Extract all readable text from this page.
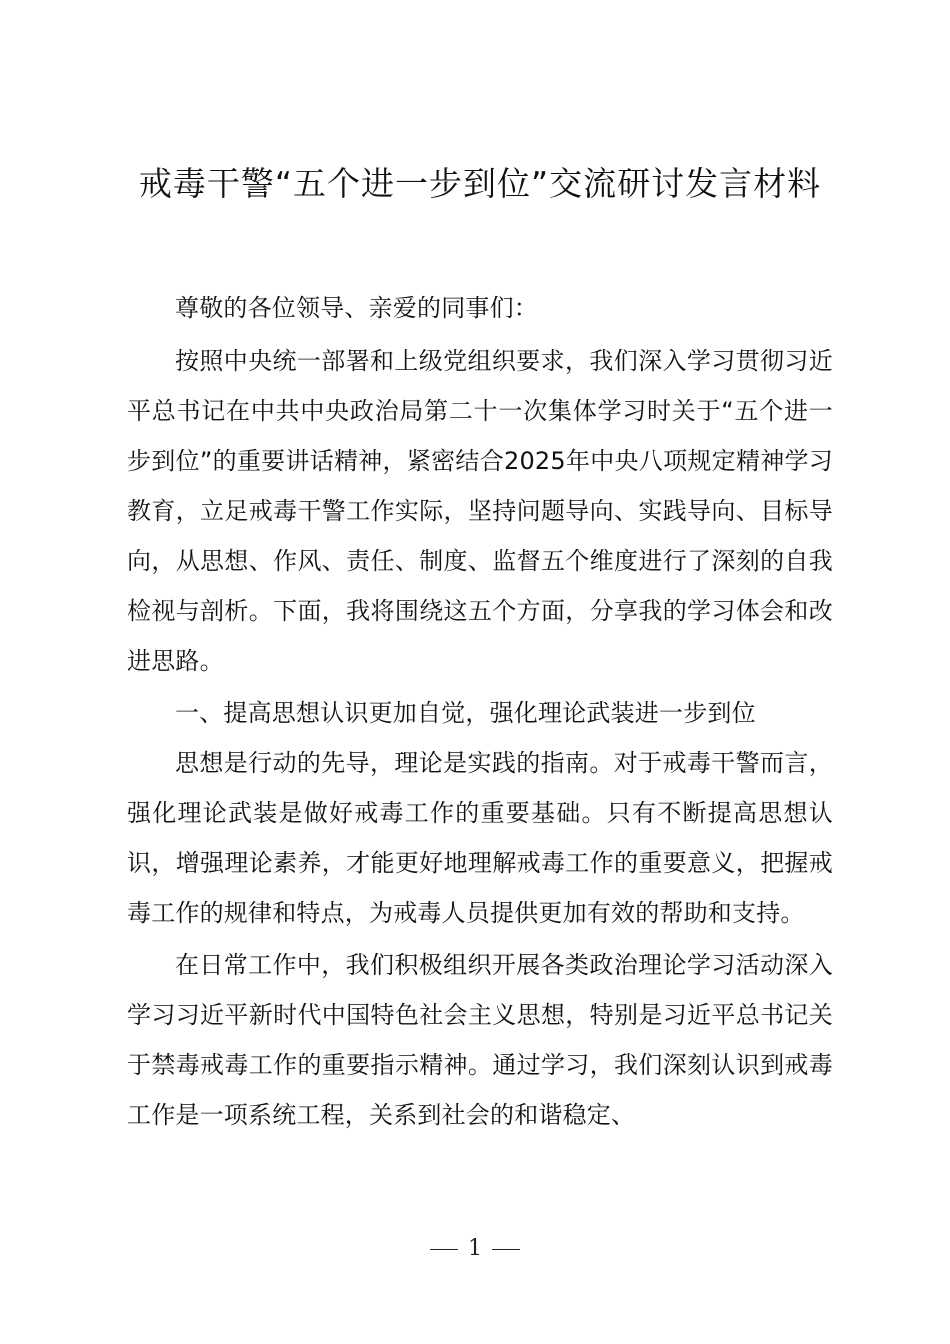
戒毒干警“五个进一步到位”交流研讨发言材料

尊敬的各位领导、亲爱的同事们：

按照中央统一部署和上级党组织要求，我们深入学习贯彻习近平总书记在中共中央政治局第二十一次集体学习时关于“五个进一步到位”的重要讲话精神，紧密结合2025年中央八项规定精神学习教育，立足戒毒干警工作实际，坚持问题导向、实践导向、目标导向，从思想、作风、责任、制度、监督五个维度进行了深刻的自我检视与剖析。下面，我将围绕这五个方面，分享我的学习体会和改进思路。

一、提高思想认识更加自觉，强化理论武装进一步到位

思想是行动的先导，理论是实践的指南。对于戒毒干警而言，强化理论武装是做好戒毒工作的重要基础。只有不断提高思想认识，增强理论素养，才能更好地理解戒毒工作的重要意义，把握戒毒工作的规律和特点，为戒毒人员提供更加有效的帮助和支持。

在日常工作中，我们积极组织开展各类政治理论学习活动深入学习习近平新时代中国特色社会主义思想，特别是习近平总书记关于禁毒戒毒工作的重要指示精神。通过学习，我们深刻认识到戒毒工作是一项系统工程，关系到社会的和谐稳定、

1
